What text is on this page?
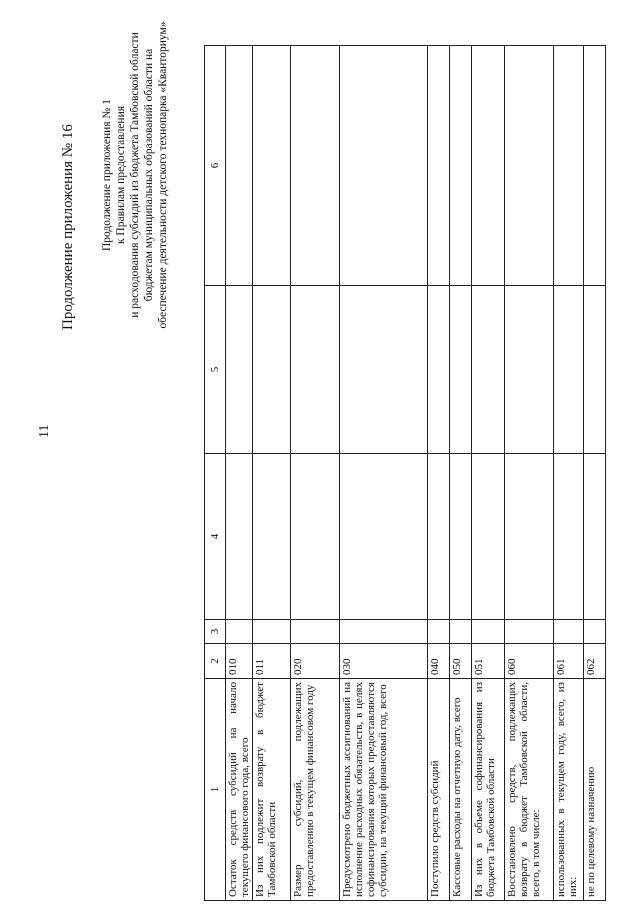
11
Продолжение приложения № 16 Продолжение приложения № 1 к Правилам предоставления и расходования субсидий из бюджета Тамбовской области бюджетам муниципальных образований области на обеспечение деятельности детского технопарка «Кванториум»
1	2	3	4	5	6
Остаток средств субсидий на начало текущего финансового года, всего	010				
Из них подлежит возврату в бюджет Тамбовской области	011				
Размер субсидий, подлежащих предоставлению в текущем финансовом году	020				
Предусмотрено бюджетных ассигнований на исполнение расходных обязательств, в целях софинансирования которых предоставляются субсидии, на текущий финансовый год, всего	030				
Поступило средств субсидий	040				
Кассовые расходы на отчетную дату, всего	050				
Из них в объеме софинансирования из бюджета Тамбовской области	051				
Восстановлено средств, подлежащих возврату в бюджет Тамбовской области, всего, в том числе:	060				
использованных в текущем году, всего, из них:	061				
не по целевому назначению	062				
